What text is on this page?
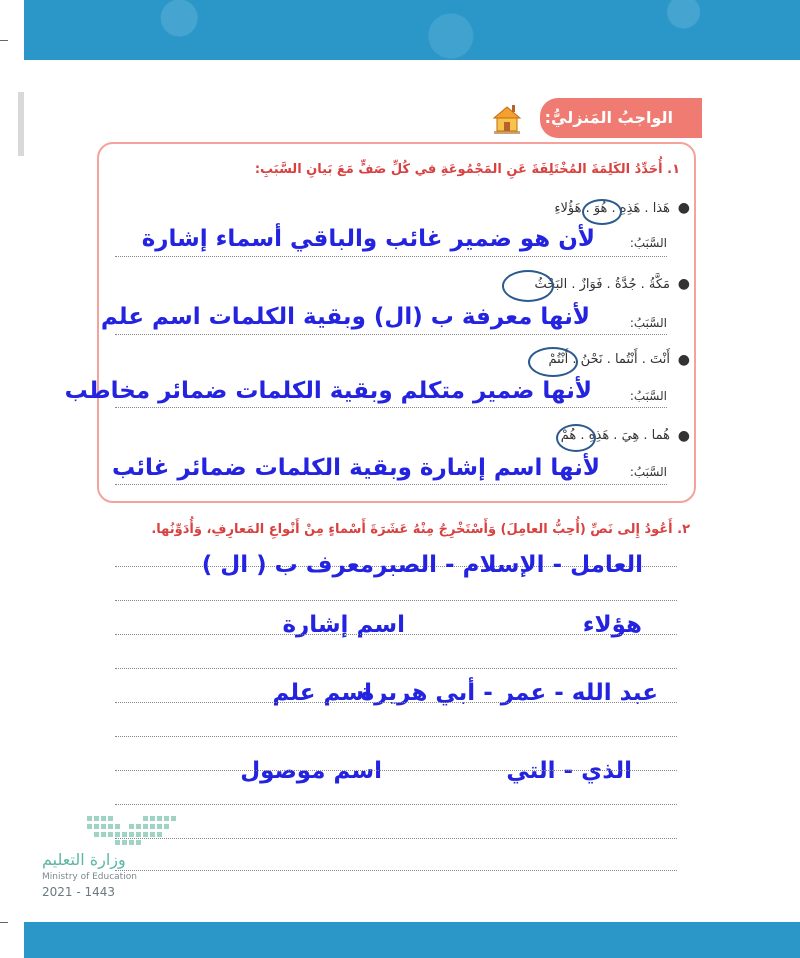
١٦٨
الواجبُ المَنزليُّ:
١. أُحَدِّدُ الكَلِمَةَ المُخْتَلِفَةَ عَنِ المَجْمُوعَةِ في كُلِّ صَفٍّ مَعَ بَيانِ السَّبَبِ:
●
هَذا . هَذِهِ . هُوَ . هَؤُلاءِ
السَّبَبُ:
لأن هو ضمير غائب والباقي أسماء إشارة
●
مَكَّةُ . جُدَّةُ . فَوَازٌ . البَحْثُ
السَّبَبُ:
لأنها معرفة ب (ال) وبقية الكلمات اسم علم
●
أَنْتَ . أَنْتُما . نَحْنُ . أَنْتُمْ
السَّبَبُ:
لأنها ضمير متكلم وبقية الكلمات ضمائر مخاطب
●
هُما . هِيَ . هَذِهِ . هُمْ
السَّبَبُ:
لأنها اسم إشارة وبقية الكلمات ضمائر غائب
٢. أَعُودُ إِلى نَصِّ (أُحِبُّ العامِلَ) وَأَسْتَخْرِجُ مِنْهُ عَشَرَةَ أَسْماءٍ مِنْ أَنْواعِ المَعارِفِ، وَأُدَوِّنُها.
العامل - الإسلام - الصبر
معرف ب ( ال )
هؤلاء
اسم إشارة
عبد الله - عمر - أبي هريرة
اسم علم
الذي - التي
اسم موصول
وزارة التعليم
Ministry of Education
2021 - 1443
